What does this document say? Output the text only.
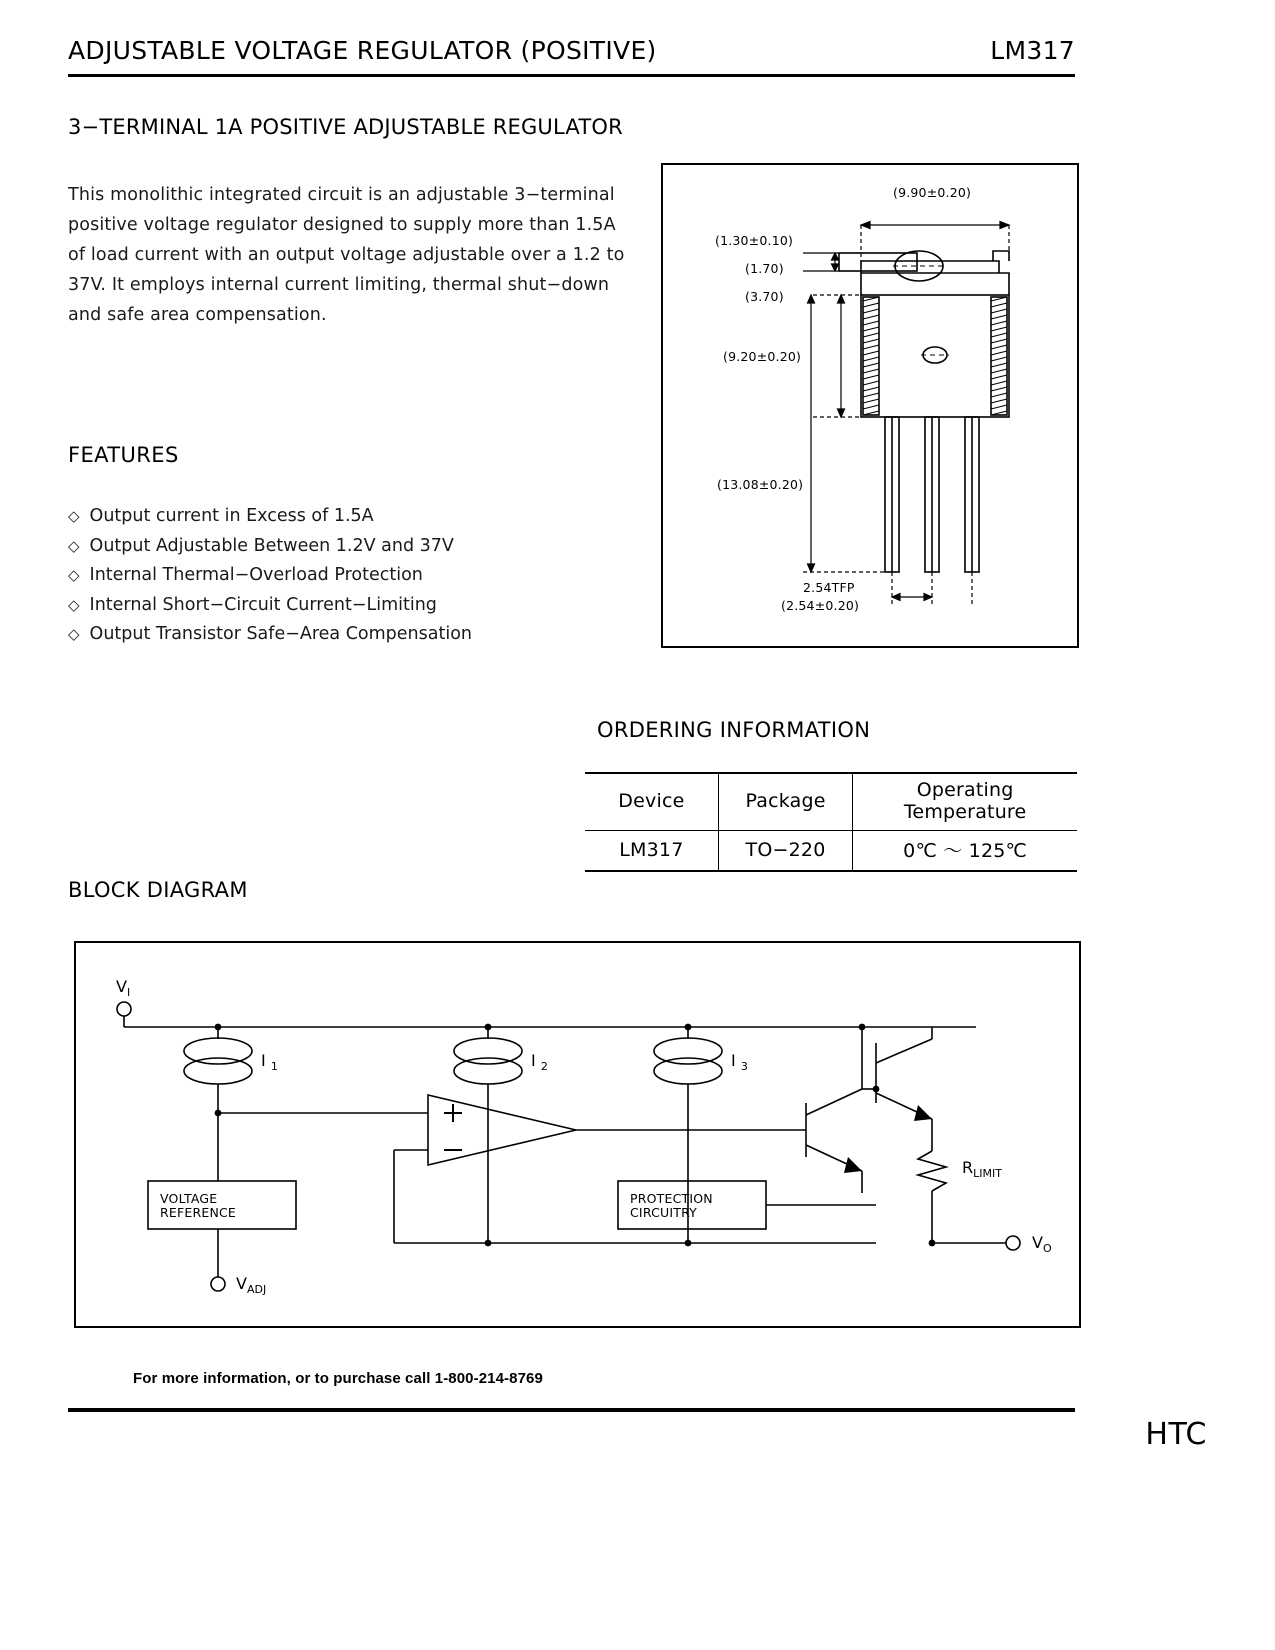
ADJUSTABLE VOLTAGE REGULATOR (POSITIVE)	LM317
3−TERMINAL 1A POSITIVE ADJUSTABLE REGULATOR
This monolithic integrated circuit is an adjustable 3−terminal positive voltage regulator designed to supply more than 1.5A of load current with an output voltage adjustable over a 1.2 to 37V. It employs internal current limiting, thermal shut−down and safe area compensation.
FEATURES
◇ Output current in Excess of 1.5A
◇ Output Adjustable Between 1.2V and 37V
◇ Internal Thermal−Overload Protection
◇ Internal Short−Circuit Current−Limiting
◇ Output Transistor Safe−Area Compensation
(9.90±0.20)
(1.30±0.10)
(1.70)
(3.70)
(9.20±0.20)
(13.08±0.20)
2.54TFP
(2.54±0.20)
ORDERING INFORMATION
Device	Package	Operating Temperature
LM317	TO−220	0℃ ～ 125℃
BLOCK DIAGRAM
$V_I$
I $_1$	I $_2$	I $_3$
VOLTAGE
REFERENCE
PROTECTION
CIRCUITRY
$R_{LIMIT}$
$V_{ADJ}$
$V_O$
For more information, or to purchase call 1-800-214-8769
HTC
